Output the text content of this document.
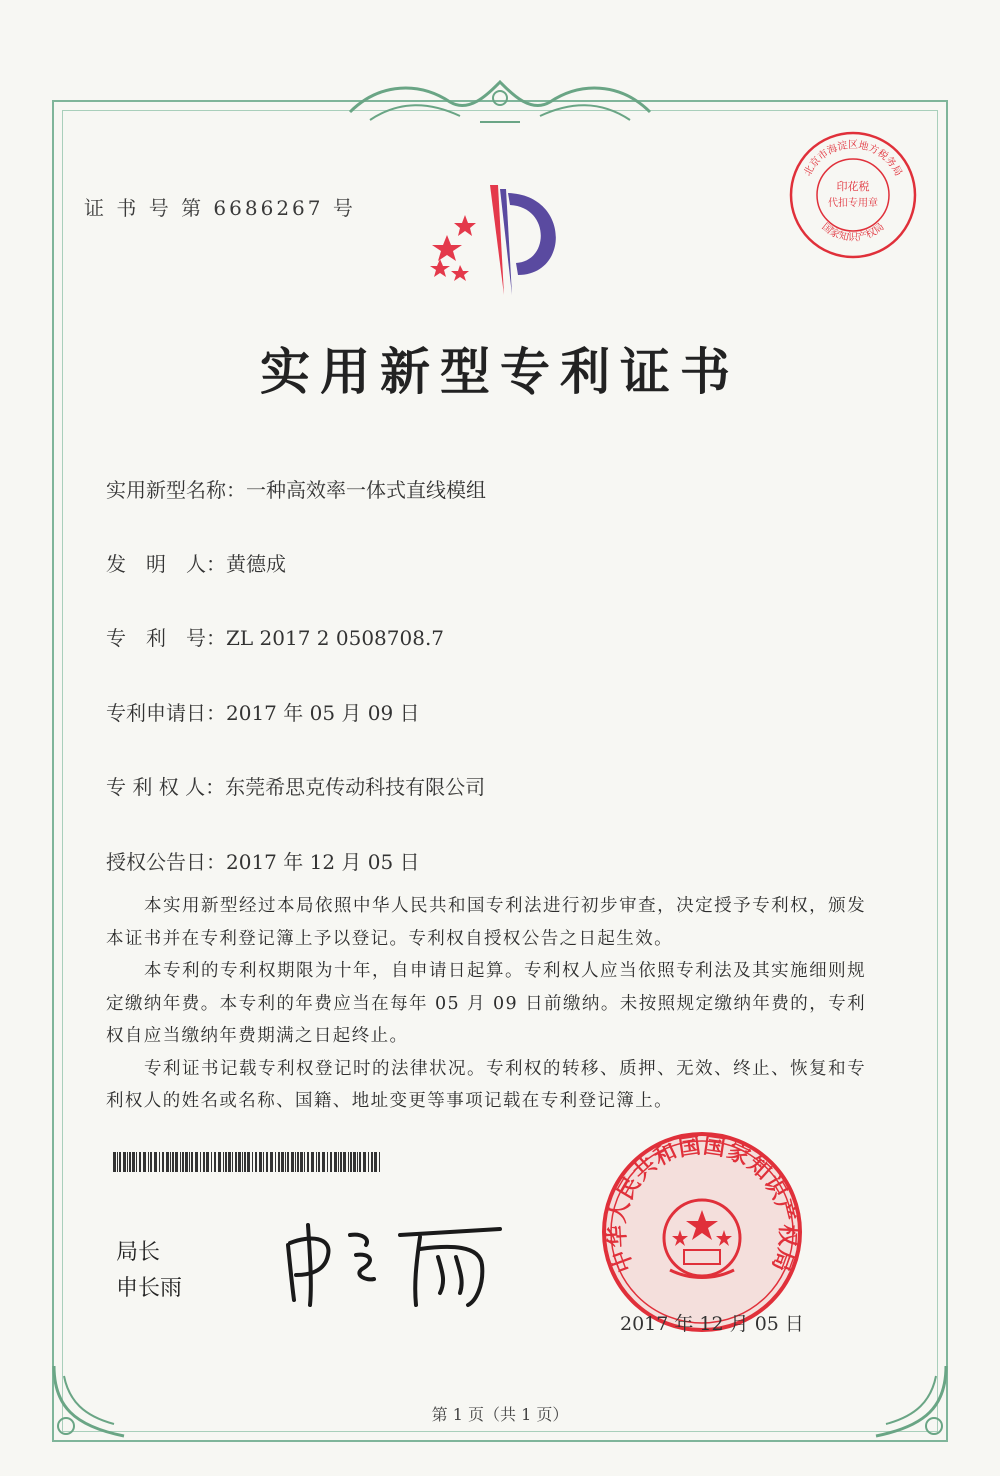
证 书 号 第 6686267 号
北京市海淀区地方税务局
印花税
代扣专用章
国家知识产权局
实用新型专利证书
实用新型名称：一种高效率一体式直线模组
发　明　人：黄德成
专　利　号：ZL 2017 2 0508708.7
专利申请日：2017 年 05 月 09 日
专 利 权 人：东莞希思克传动科技有限公司
授权公告日：2017 年 12 月 05 日

本实用新型经过本局依照中华人民共和国专利法进行初步审查，决定授予专利权，颁发本证书并在专利登记簿上予以登记。专利权自授权公告之日起生效。

本专利的专利权期限为十年，自申请日起算。专利权人应当依照专利法及其实施细则规定缴纳年费。本专利的年费应当在每年 05 月 09 日前缴纳。未按照规定缴纳年费的，专利权自应当缴纳年费期满之日起终止。

专利证书记载专利权登记时的法律状况。专利权的转移、质押、无效、终止、恢复和专利权人的姓名或名称、国籍、地址变更等事项记载在专利登记簿上。

局长
申长雨
中华人民共和国国家知识产权局
2017 年 12 月 05 日
第 1 页（共 1 页）
